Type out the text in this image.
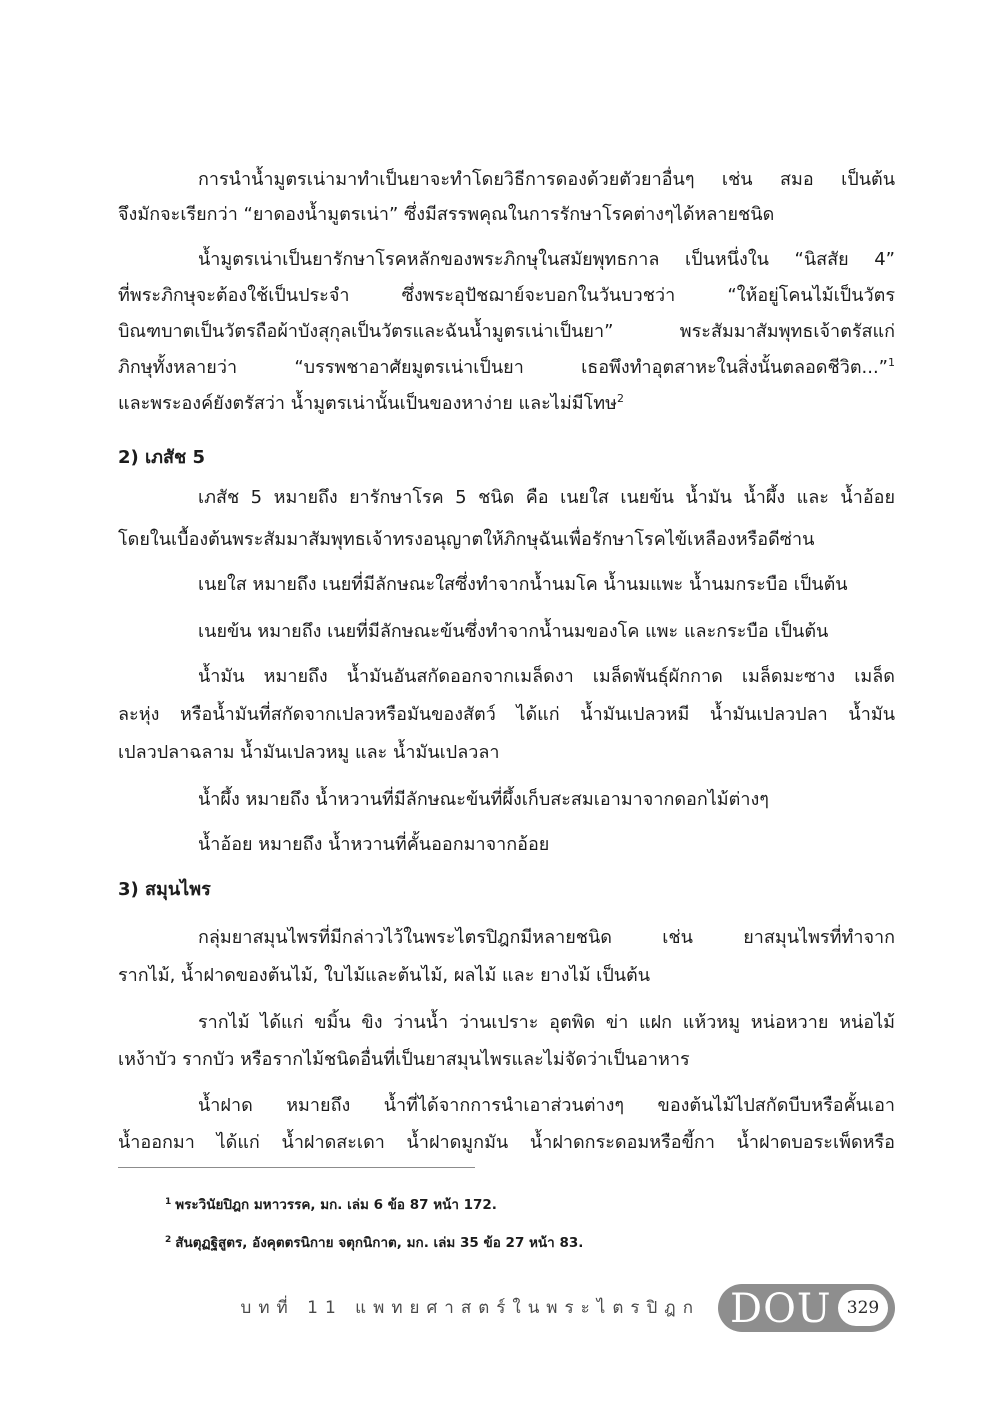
การนำน้ำมูตรเน่ามาทำเป็นยาจะทำโดยวิธีการดองด้วยตัวยาอื่นๆ เช่น สมอ เป็นต้น
จึงมักจะเรียกว่า “ยาดองน้ำมูตรเน่า” ซึ่งมีสรรพคุณในการรักษาโรคต่างๆได้หลายชนิด
น้ำมูตรเน่าเป็นยารักษาโรคหลักของพระภิกษุในสมัยพุทธกาล เป็นหนึ่งใน “นิสสัย 4”
ที่พระภิกษุจะต้องใช้เป็นประจำ ซึ่งพระอุปัชฌาย์จะบอกในวันบวชว่า “ให้อยู่โคนไม้เป็นวัตร
บิณฑบาตเป็นวัตรถือผ้าบังสุกุลเป็นวัตรและฉันน้ำมูตรเน่าเป็นยา” พระสัมมาสัมพุทธเจ้าตรัสแก่
ภิกษุทั้งหลายว่า “บรรพชาอาศัยมูตรเน่าเป็นยา เธอพึงทำอุตสาหะในสิ่งนั้นตลอดชีวิต...”$^1$
และพระองค์ยังตรัสว่า น้ำมูตรเน่านั้นเป็นของหาง่าย และไม่มีโทษ$^2$
2) เภสัช 5
เภสัช 5 หมายถึง ยารักษาโรค 5 ชนิด คือ เนยใส เนยข้น น้ำมัน น้ำผึ้ง และ น้ำอ้อย
โดยในเบื้องต้นพระสัมมาสัมพุทธเจ้าทรงอนุญาตให้ภิกษุฉันเพื่อรักษาโรคไข้เหลืองหรือดีซ่าน
เนยใส หมายถึง เนยที่มีลักษณะใสซึ่งทำจากน้ำนมโค น้ำนมแพะ น้ำนมกระบือ เป็นต้น
เนยข้น หมายถึง เนยที่มีลักษณะข้นซึ่งทำจากน้ำนมของโค แพะ และกระบือ เป็นต้น
น้ำมัน หมายถึง น้ำมันอันสกัดออกจากเมล็ดงา เมล็ดพันธุ์ผักกาด เมล็ดมะซาง เมล็ด
ละหุ่ง หรือน้ำมันที่สกัดจากเปลวหรือมันของสัตว์ ได้แก่ น้ำมันเปลวหมี น้ำมันเปลวปลา น้ำมัน
เปลวปลาฉลาม น้ำมันเปลวหมู และ น้ำมันเปลวลา
น้ำผึ้ง หมายถึง น้ำหวานที่มีลักษณะข้นที่ผึ้งเก็บสะสมเอามาจากดอกไม้ต่างๆ
น้ำอ้อย หมายถึง น้ำหวานที่คั้นออกมาจากอ้อย
3) สมุนไพร
กลุ่มยาสมุนไพรที่มีกล่าวไว้ในพระไตรปิฎกมีหลายชนิด เช่น ยาสมุนไพรที่ทำจาก
รากไม้, น้ำฝาดของต้นไม้, ใบไม้และต้นไม้, ผลไม้ และ ยางไม้ เป็นต้น
รากไม้ ได้แก่ ขมิ้น ขิง ว่านน้ำ ว่านเปราะ อุตพิด ข่า แฝก แห้วหมู หน่อหวาย หน่อไม้
เหง้าบัว รากบัว หรือรากไม้ชนิดอื่นที่เป็นยาสมุนไพรและไม่จัดว่าเป็นอาหาร
น้ำฝาด หมายถึง น้ำที่ได้จากการนำเอาส่วนต่างๆ ของต้นไม้ไปสกัดบีบหรือคั้นเอา
น้ำออกมา ได้แก่ น้ำฝาดสะเดา น้ำฝาดมูกมัน น้ำฝาดกระดอมหรือขี้กา น้ำฝาดบอระเพ็ดหรือ
$^1$ พระวินัยปิฎก มหาวรรค, มก. เล่ม 6 ข้อ 87 หน้า 172.
$^2$ สันตุฏฐิสูตร, อังคุตตรนิกาย จตุกนิกาต, มก. เล่ม 35 ข้อ 27 หน้า 83.
บทที่ 11 แพทยศาสตร์ในพระไตรปิฎก DOU 329
